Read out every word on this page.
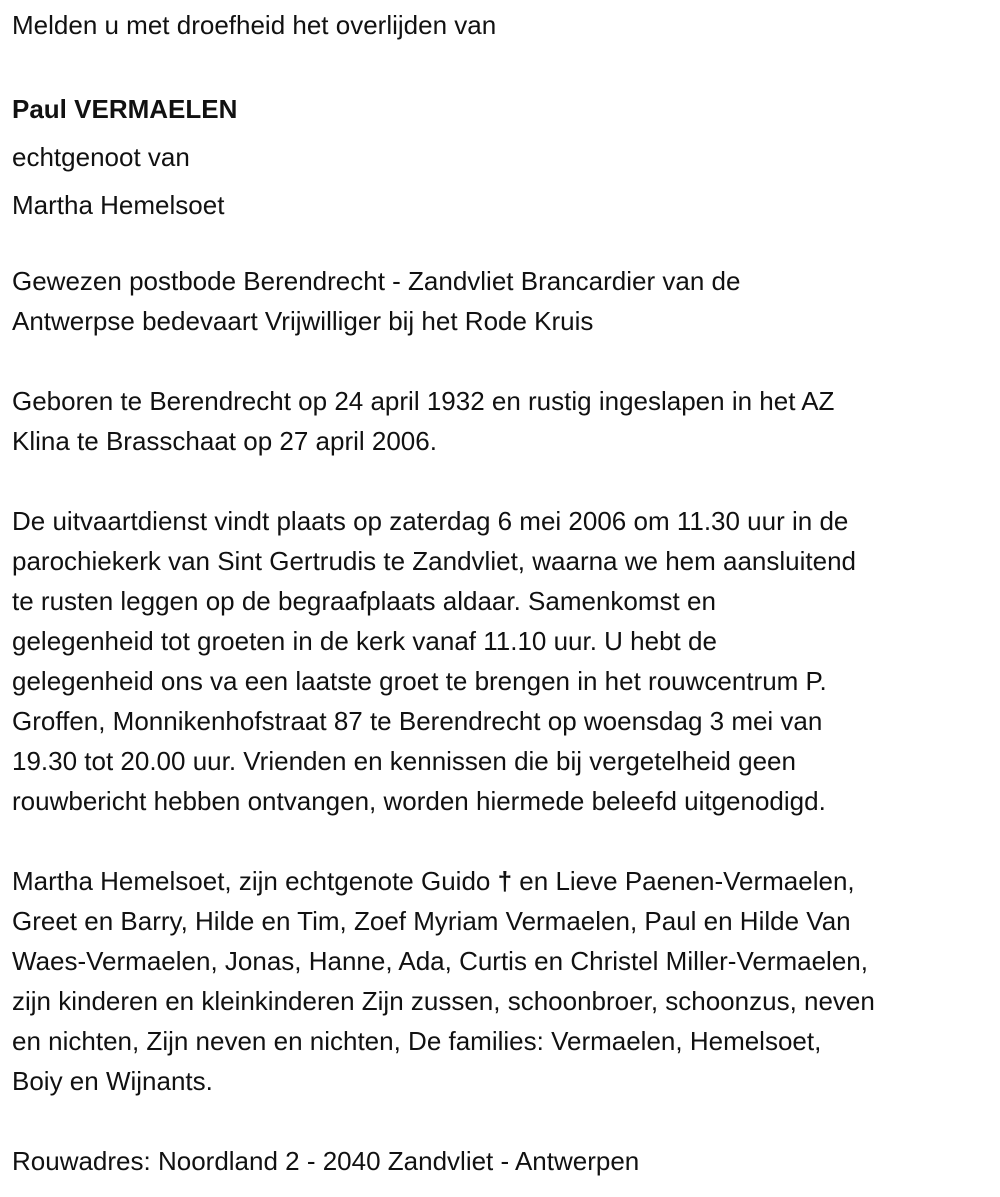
Melden u met droefheid het overlijden van
Paul VERMAELEN
echtgenoot van
Martha Hemelsoet
Gewezen postbode Berendrecht - Zandvliet Brancardier van de
Antwerpse bedevaart Vrijwilliger bij het Rode Kruis
Geboren te Berendrecht op 24 april 1932 en rustig ingeslapen in het AZ
Klina te Brasschaat op 27 april 2006.
De uitvaartdienst vindt plaats op zaterdag 6 mei 2006 om 11.30 uur in de
parochiekerk van Sint Gertrudis te Zandvliet, waarna we hem aansluitend
te rusten leggen op de begraafplaats aldaar. Samenkomst en
gelegenheid tot groeten in de kerk vanaf 11.10 uur. U hebt de
gelegenheid ons va een laatste groet te brengen in het rouwcentrum P.
Groffen, Monnikenhofstraat 87 te Berendrecht op woensdag 3 mei van
19.30 tot 20.00 uur. Vrienden en kennissen die bij vergetelheid geen
rouwbericht hebben ontvangen, worden hiermede beleefd uitgenodigd.
Martha Hemelsoet, zijn echtgenote Guido † en Lieve Paenen-Vermaelen,
Greet en Barry, Hilde en Tim, Zoef Myriam Vermaelen, Paul en Hilde Van
Waes-Vermaelen, Jonas, Hanne, Ada, Curtis en Christel Miller-Vermaelen,
zijn kinderen en kleinkinderen Zijn zussen, schoonbroer, schoonzus, neven
en nichten, Zijn neven en nichten, De families: Vermaelen, Hemelsoet,
Boiy en Wijnants.
Rouwadres: Noordland 2 - 2040 Zandvliet - Antwerpen
